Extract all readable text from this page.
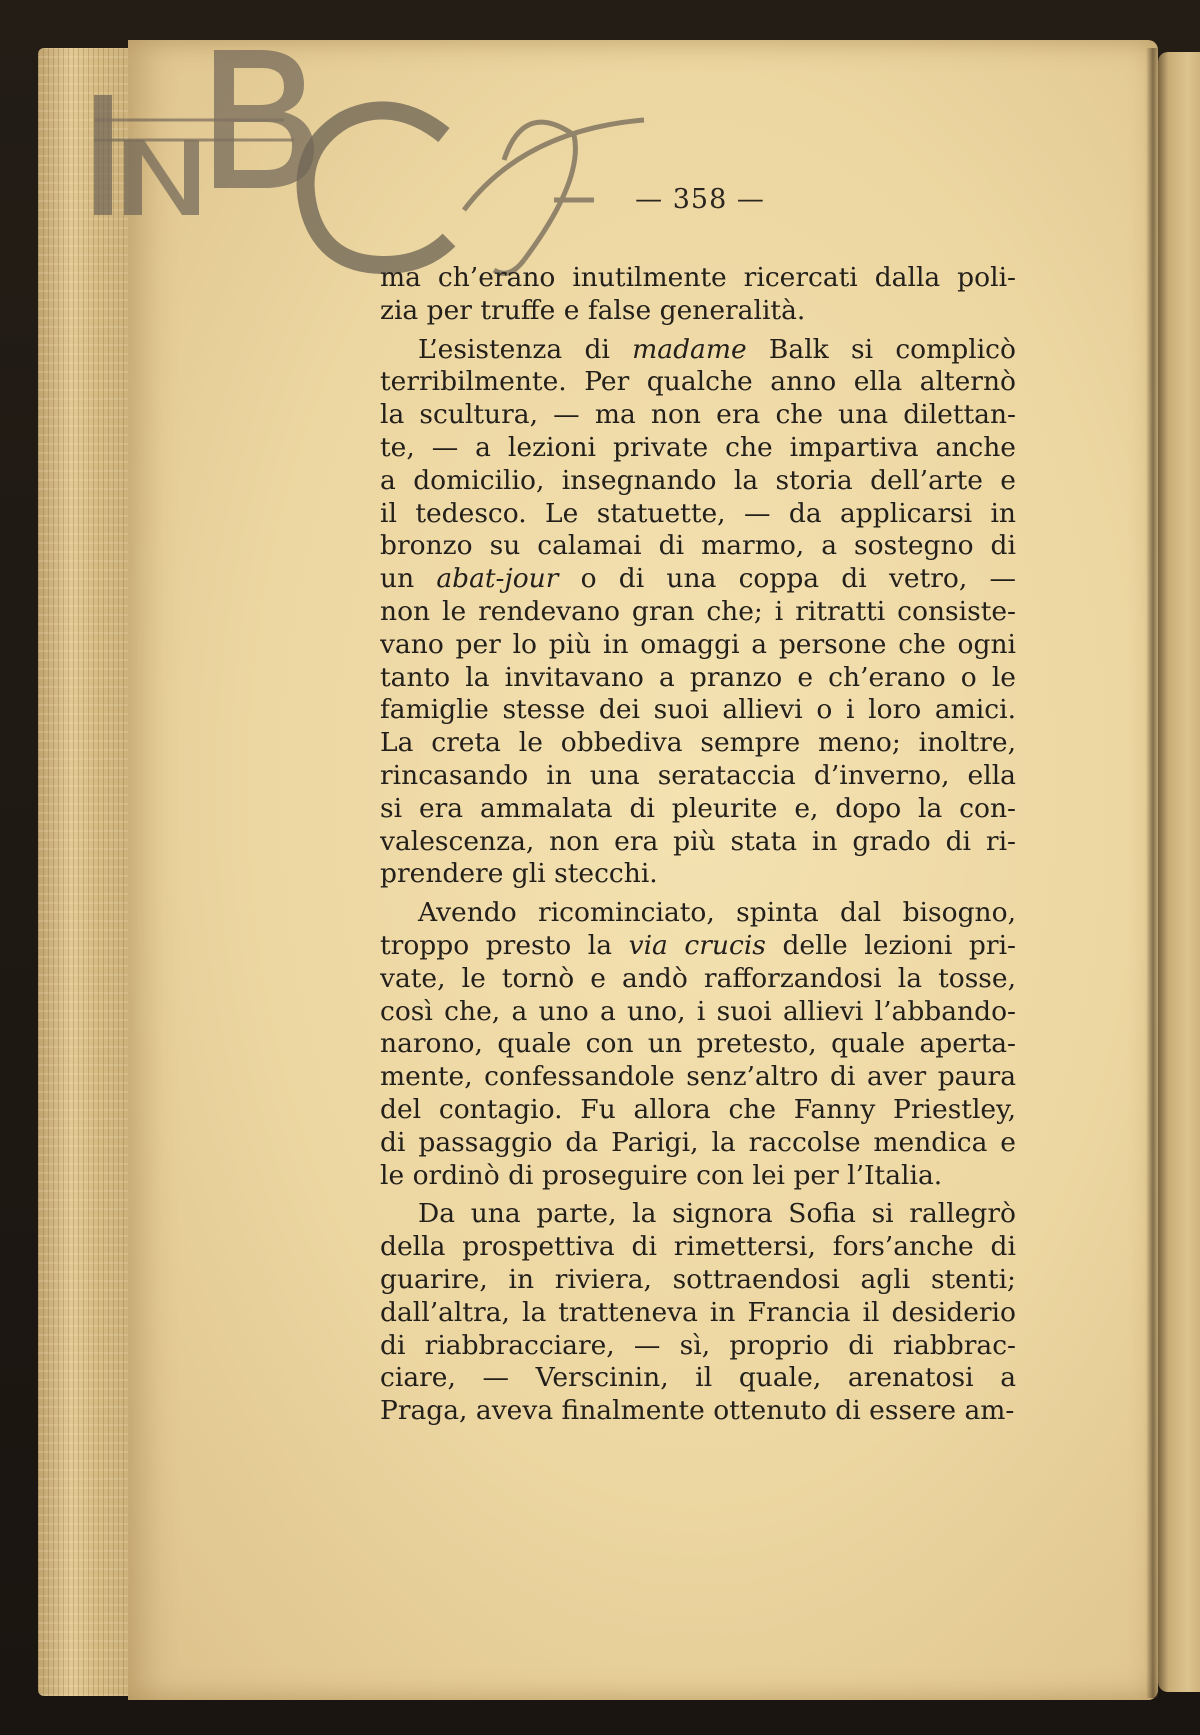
— 358 —
ma ch’erano inutilmente ricercati dalla poli-
zia per truffe e false generalità.
L’esistenza di madame Balk si complicò
terribilmente. Per qualche anno ella alternò
la scultura, — ma non era che una dilettan-
te, — a lezioni private che impartiva anche
a domicilio, insegnando la storia dell’arte e
il tedesco. Le statuette, — da applicarsi in
bronzo su calamai di marmo, a sostegno di
un abat-jour o di una coppa di vetro, —
non le rendevano gran che; i ritratti consiste-
vano per lo più in omaggi a persone che ogni
tanto la invitavano a pranzo e ch’erano o le
famiglie stesse dei suoi allievi o i loro amici.
La creta le obbediva sempre meno; inoltre,
rincasando in una serataccia d’inverno, ella
si era ammalata di pleurite e, dopo la con-
valescenza, non era più stata in grado di ri-
prendere gli stecchi.
Avendo ricominciato, spinta dal bisogno,
troppo presto la via crucis delle lezioni pri-
vate, le tornò e andò rafforzandosi la tosse,
così che, a uno a uno, i suoi allievi l’abbando-
narono, quale con un pretesto, quale aperta-
mente, confessandole senz’altro di aver paura
del contagio. Fu allora che Fanny Priestley,
di passaggio da Parigi, la raccolse mendica e
le ordinò di proseguire con lei per l’Italia.
Da una parte, la signora Sofia si rallegrò
della prospettiva di rimettersi, fors’anche di
guarire, in riviera, sottraendosi agli stenti;
dall’altra, la tratteneva in Francia il desiderio
di riabbracciare, — sì, proprio di riabbrac-
ciare, — Verscinin, il quale, arenatosi a
Praga, aveva finalmente ottenuto di essere am-
